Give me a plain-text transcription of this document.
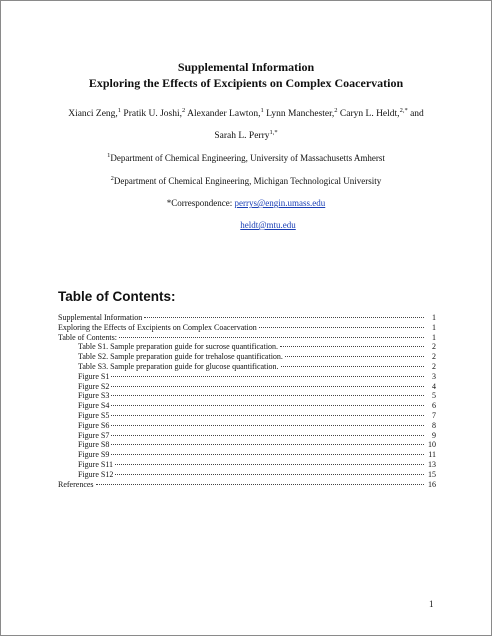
Supplemental Information
Exploring the Effects of Excipients on Complex Coacervation
Xianci Zeng,$^1$ Pratik U. Joshi,$^2$ Alexander Lawton,$^1$ Lynn Manchester,$^2$ Caryn L. Heldt,$^{2,*}$ and
Sarah L. Perry$^{1,*}$
$^1$Department of Chemical Engineering, University of Massachusetts Amherst
$^2$Department of Chemical Engineering, Michigan Technological University
*Correspondence: perrys@engin.umass.edu
heldt@mtu.edu
Table of Contents:
Supplemental Information	1
Exploring the Effects of Excipients on Complex Coacervation	1
Table of Contents:	1
Table S1. Sample preparation guide for sucrose quantification.	2
Table S2. Sample preparation guide for trehalose quantification.	2
Table S3. Sample preparation guide for glucose quantification.	2
Figure S1	3
Figure S2	4
Figure S3	5
Figure S4	6
Figure S5	7
Figure S6	8
Figure S7	9
Figure S8	10
Figure S9	11
Figure S11	13
Figure S12	15
References	16
1
